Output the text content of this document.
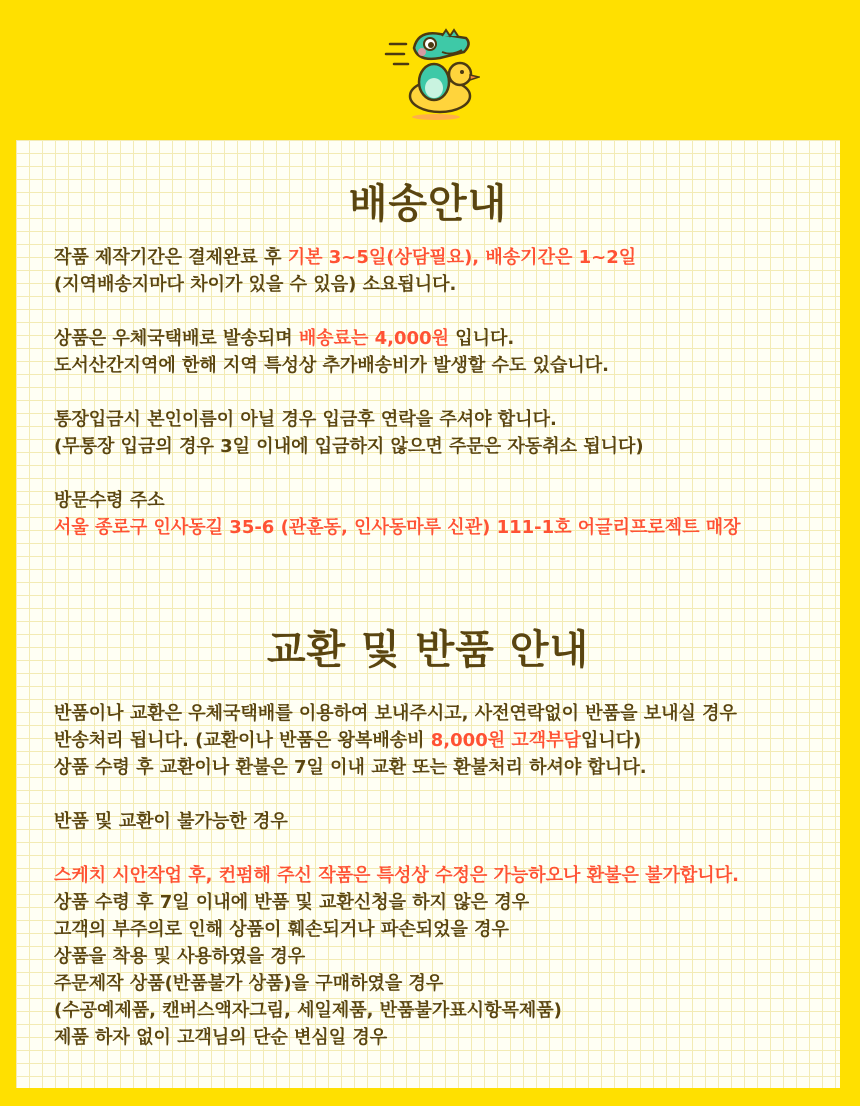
배송안내
작품 제작기간은 결제완료 후 기본 3~5일(상담필요), 배송기간은 1~2일
(지역배송지마다 차이가 있을 수 있음) 소요됩니다.
상품은 우체국택배로 발송되며 배송료는 4,000원 입니다.
도서산간지역에 한해 지역 특성상 추가배송비가 발생할 수도 있습니다.
통장입금시 본인이름이 아닐 경우 입금후 연락을 주셔야 합니다.
(무통장 입금의 경우 3일 이내에 입금하지 않으면 주문은 자동취소 됩니다)
방문수령 주소
서울 종로구 인사동길 35-6 (관훈동, 인사동마루 신관) 111-1호 어글리프로젝트 매장
교환 및 반품 안내
반품이나 교환은 우체국택배를 이용하여 보내주시고, 사전연락없이 반품을 보내실 경우
반송처리 됩니다. (교환이나 반품은 왕복배송비 8,000원 고객부담입니다)
상품 수령 후 교환이나 환불은 7일 이내 교환 또는 환불처리 하셔야 합니다.
반품 및 교환이 불가능한 경우
스케치 시안작업 후, 컨펌해 주신 작품은 특성상 수정은 가능하오나 환불은 불가합니다.
상품 수령 후 7일 이내에 반품 및 교환신청을 하지 않은 경우
고객의 부주의로 인해 상품이 훼손되거나 파손되었을 경우
상품을 착용 및 사용하였을 경우
주문제작 상품(반품불가 상품)을 구매하였을 경우
(수공예제품, 캔버스액자그림, 세일제품, 반품불가표시항목제품)
제품 하자 없이 고객님의 단순 변심일 경우
